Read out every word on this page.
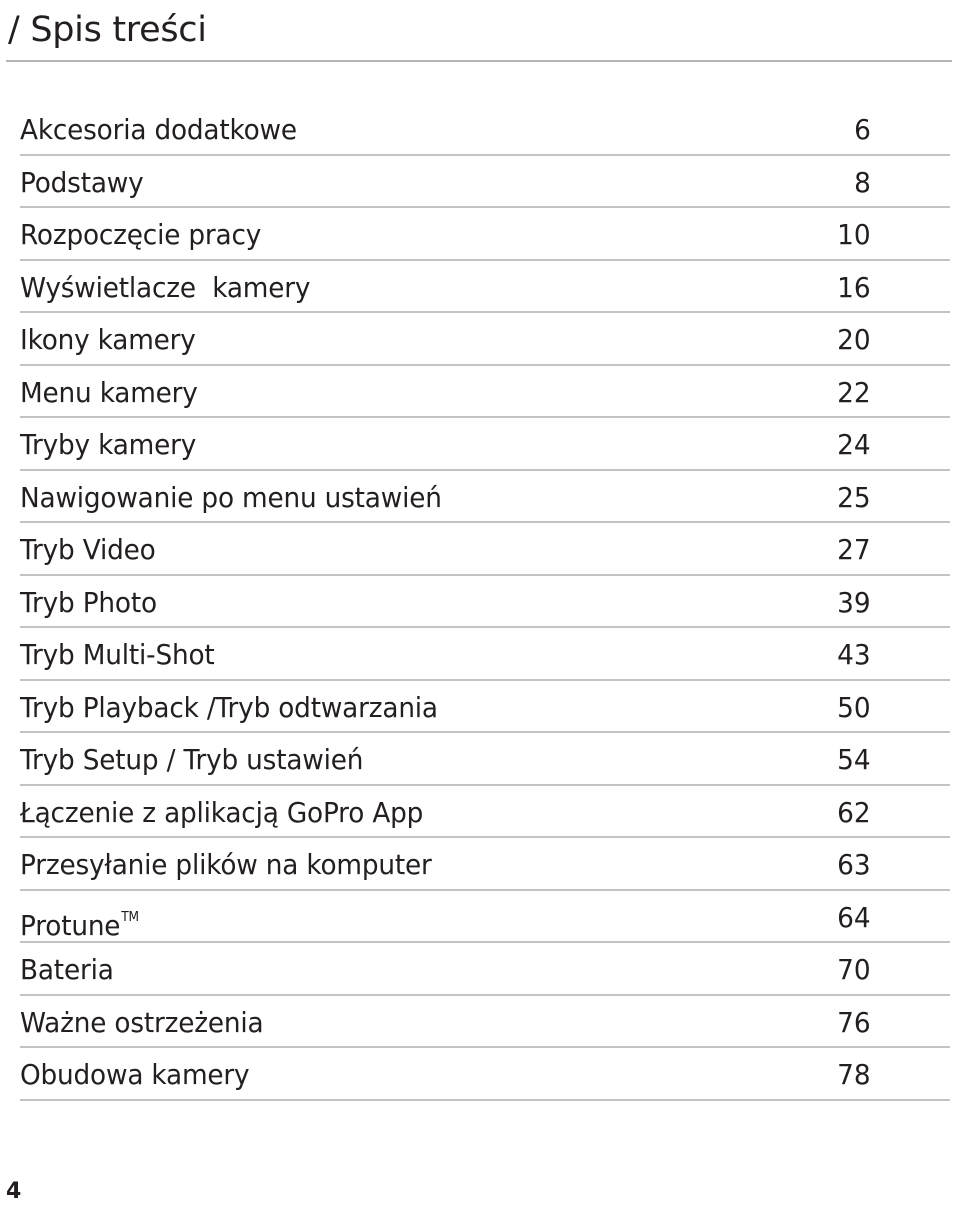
/ Spis treści
Akcesoria dodatkowe	6
Podstawy	8
Rozpoczęcie pracy	10
Wyświetlacze  kamery	16
Ikony kamery	20
Menu kamery	22
Tryby kamery	24
Nawigowanie po menu ustawień	25
Tryb Video	27
Tryb Photo	39
Tryb Multi-Shot	43
Tryb Playback /Tryb odtwarzania	50
Tryb Setup / Tryb ustawień	54
Łączenie z aplikacją GoPro App	62
Przesyłanie plików na komputer	63
Protune™	64
Bateria	70
Ważne ostrzeżenia	76
Obudowa kamery	78
4
